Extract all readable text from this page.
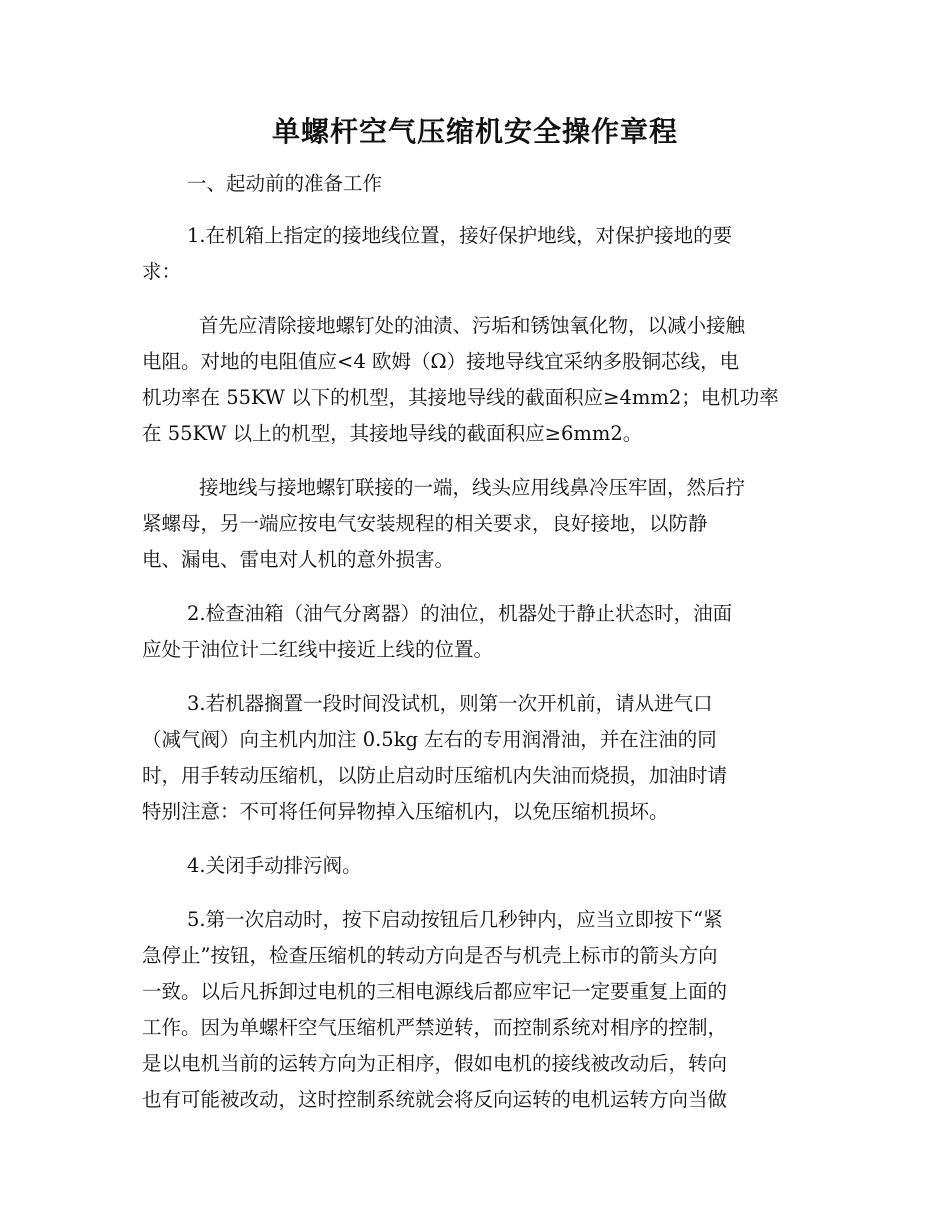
单螺杆空气压缩机安全操作章程
一、起动前的准备工作
1.在机箱上指定的接地线位置，接好保护地线，对保护接地的要
求：
首先应清除接地螺钉处的油渍、污垢和锈蚀氧化物，以减小接触
电阻。对地的电阻值应<4 欧姆（Ω）接地导线宜采纳多股铜芯线，电
机功率在 55KW 以下的机型，其接地导线的截面积应≥4mm2；电机功率
在 55KW 以上的机型，其接地导线的截面积应≥6mm2。
接地线与接地螺钉联接的一端，线头应用线鼻冷压牢固，然后拧
紧螺母，另一端应按电气安装规程的相关要求，良好接地，以防静
电、漏电、雷电对人机的意外损害。
2.检查油箱（油气分离器）的油位，机器处于静止状态时，油面
应处于油位计二红线中接近上线的位置。
3.若机器搁置一段时间没试机，则第一次开机前，请从进气口
（减气阀）向主机内加注 0.5kg 左右的专用润滑油，并在注油的同
时，用手转动压缩机，以防止启动时压缩机内失油而烧损，加油时请
特别注意：不可将任何异物掉入压缩机内，以免压缩机损坏。
4.关闭手动排污阀。
5.第一次启动时，按下启动按钮后几秒钟内，应当立即按下“紧
急停止”按钮，检查压缩机的转动方向是否与机壳上标市的箭头方向
一致。以后凡拆卸过电机的三相电源线后都应牢记一定要重复上面的
工作。因为单螺杆空气压缩机严禁逆转，而控制系统对相序的控制，
是以电机当前的运转方向为正相序，假如电机的接线被改动后，转向
也有可能被改动，这时控制系统就会将反向运转的电机运转方向当做
